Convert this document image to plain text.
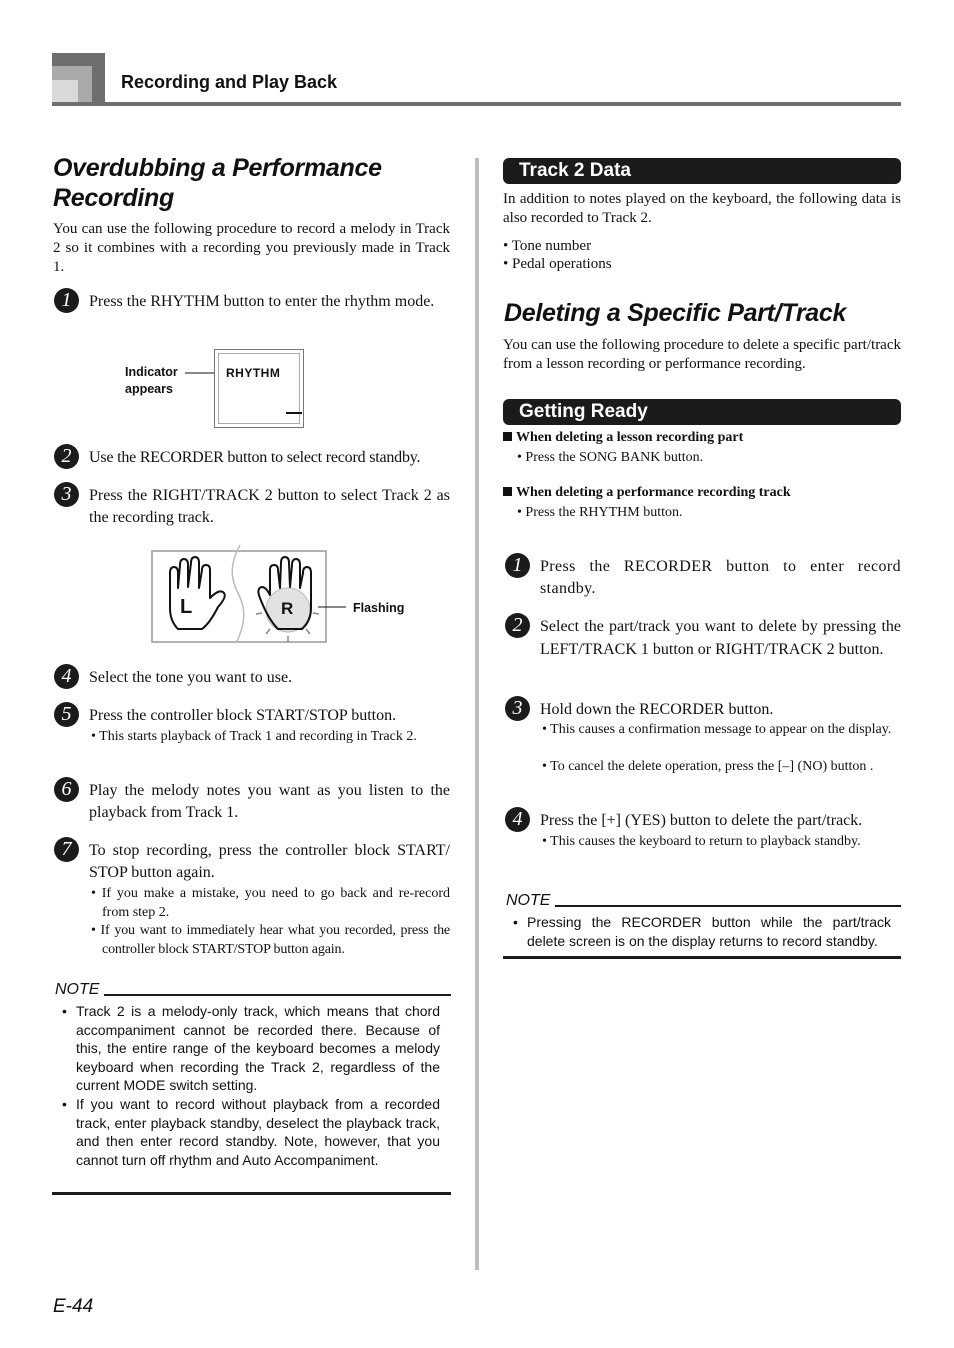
Recording and Play Back
Overdubbing a Performance
Recording

You can use the following procedure to record a melody in Track 2 so it combines with a recording you previously made in Track 1.

1	Press the RHYTHM button to enter the rhythm mode.
Indicator
appears
RHYTHM
2	Use the RECORDER button to select record standby.
3	Press the RIGHT/TRACK 2 button to select Track 2 as the recording track.
L	R	Flashing
4	Select the tone you want to use.
5	Press the controller block START/STOP button.
• This starts playback of Track 1 and recording in Track 2.
6	Play the melody notes you want as you listen to the playback from Track 1.
7	To stop recording, press the controller block START/ STOP button again.
• If you make a mistake, you need to go back and re-record from step 2.
• If you want to immediately hear what you recorded, press the controller block START/STOP button again.
NOTE
• Track 2 is a melody-only track, which means that chord accompaniment cannot be recorded there. Because of this, the entire range of the keyboard becomes a melody keyboard when recording the Track 2, regardless of the current MODE switch setting.
• If you want to record without playback from a recorded track, enter playback standby, deselect the playback track, and then enter record standby. Note, however, that you cannot turn off rhythm and Auto Accompaniment.
E-44
Track 2 Data

In addition to notes played on the keyboard, the following data is also recorded to Track 2.

• Tone number
• Pedal operations
Deleting a Specific Part/Track

You can use the following procedure to delete a specific part/track from a lesson recording or performance recording.

Getting Ready
When deleting a lesson recording part
• Press the SONG BANK button.
When deleting a performance recording track
• Press the RHYTHM button.
1	Press the RECORDER button to enter record standby.
2	Select the part/track you want to delete by pressing the LEFT/TRACK 1 button or RIGHT/TRACK 2 button.
3	Hold down the RECORDER button.
• This causes a confirmation message to appear on the display.
• To cancel the delete operation, press the [–] (NO) button .
4	Press the [+] (YES) button to delete the part/track.
• This causes the keyboard to return to playback standby.
NOTE
• Pressing the RECORDER button while the part/track delete screen is on the display returns to record standby.
